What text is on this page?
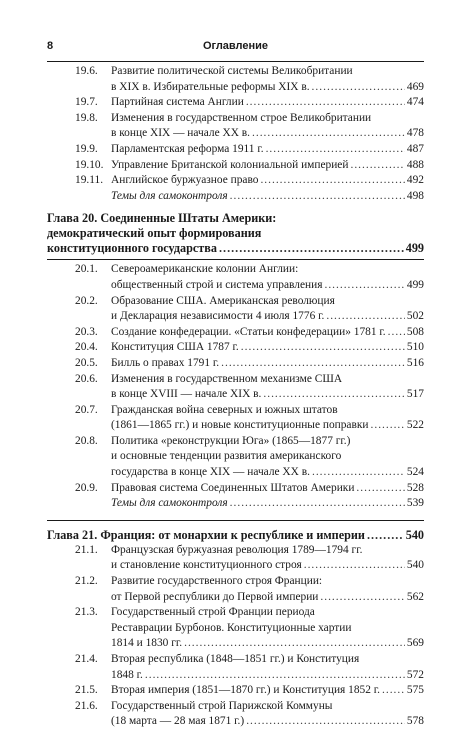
8	Оглавление
19.6. Развитие политической системы Великобритании
в XIX в. Избирательные реформы XIX в. .....	469
19.7. Партийная система Англии .....	474
19.8. Изменения в государственном строе Великобритании
в конце XIX — начале XX в. .....	478
19.9. Парламентская реформа 1911 г. .....	487
19.10. Управление Британской колониальной империей .....	488
19.11. Английское буржуазное право .....	492
Темы для самоконтроля .....	498
Глава 20. Соединенные Штаты Америки:
демократический опыт формирования
конституционного государства .....	499
20.1. Североамериканские колонии Англии:
общественный строй и система управления .....	499
20.2. Образование США. Американская революция
и Декларация независимости 4 июля 1776 г. .....	502
20.3. Создание конфедерации. «Статьи конфедерации» 1781 г. ..... 508
20.4. Конституция США 1787 г. .....	510
20.5. Билль о правах 1791 г. .....	516
20.6. Изменения в государственном механизме США
в конце XVIII — начале XIX в. .....	517
20.7. Гражданская война северных и южных штатов
(1861—1865 гг.) и новые конституционные поправки .....	522
20.8. Политика «реконструкции Юга» (1865—1877 гг.)
и основные тенденции развития американского
государства в конце XIX — начале XX в. .....	524
20.9. Правовая система Соединенных Штатов Америки .....	528
Темы для самоконтроля .....	539
Глава 21. Франция: от монархии к республике и империи .....	540
21.1. Французская буржуазная революция 1789—1794 гг.
и становление конституционного строя .....	540
21.2. Развитие государственного строя Франции:
от Первой республики до Первой империи .....	562
21.3. Государственный строй Франции периода
Реставрации Бурбонов. Конституционные хартии
1814 и 1830 гг. .....	569
21.4. Вторая республика (1848—1851 гг.) и Конституция
1848 г. .....	572
21.5. Вторая империя (1851—1870 гг.) и Конституция 1852 г. ..... 575
21.6. Государственный строй Парижской Коммуны
(18 марта — 28 мая 1871 г.) .....	578
